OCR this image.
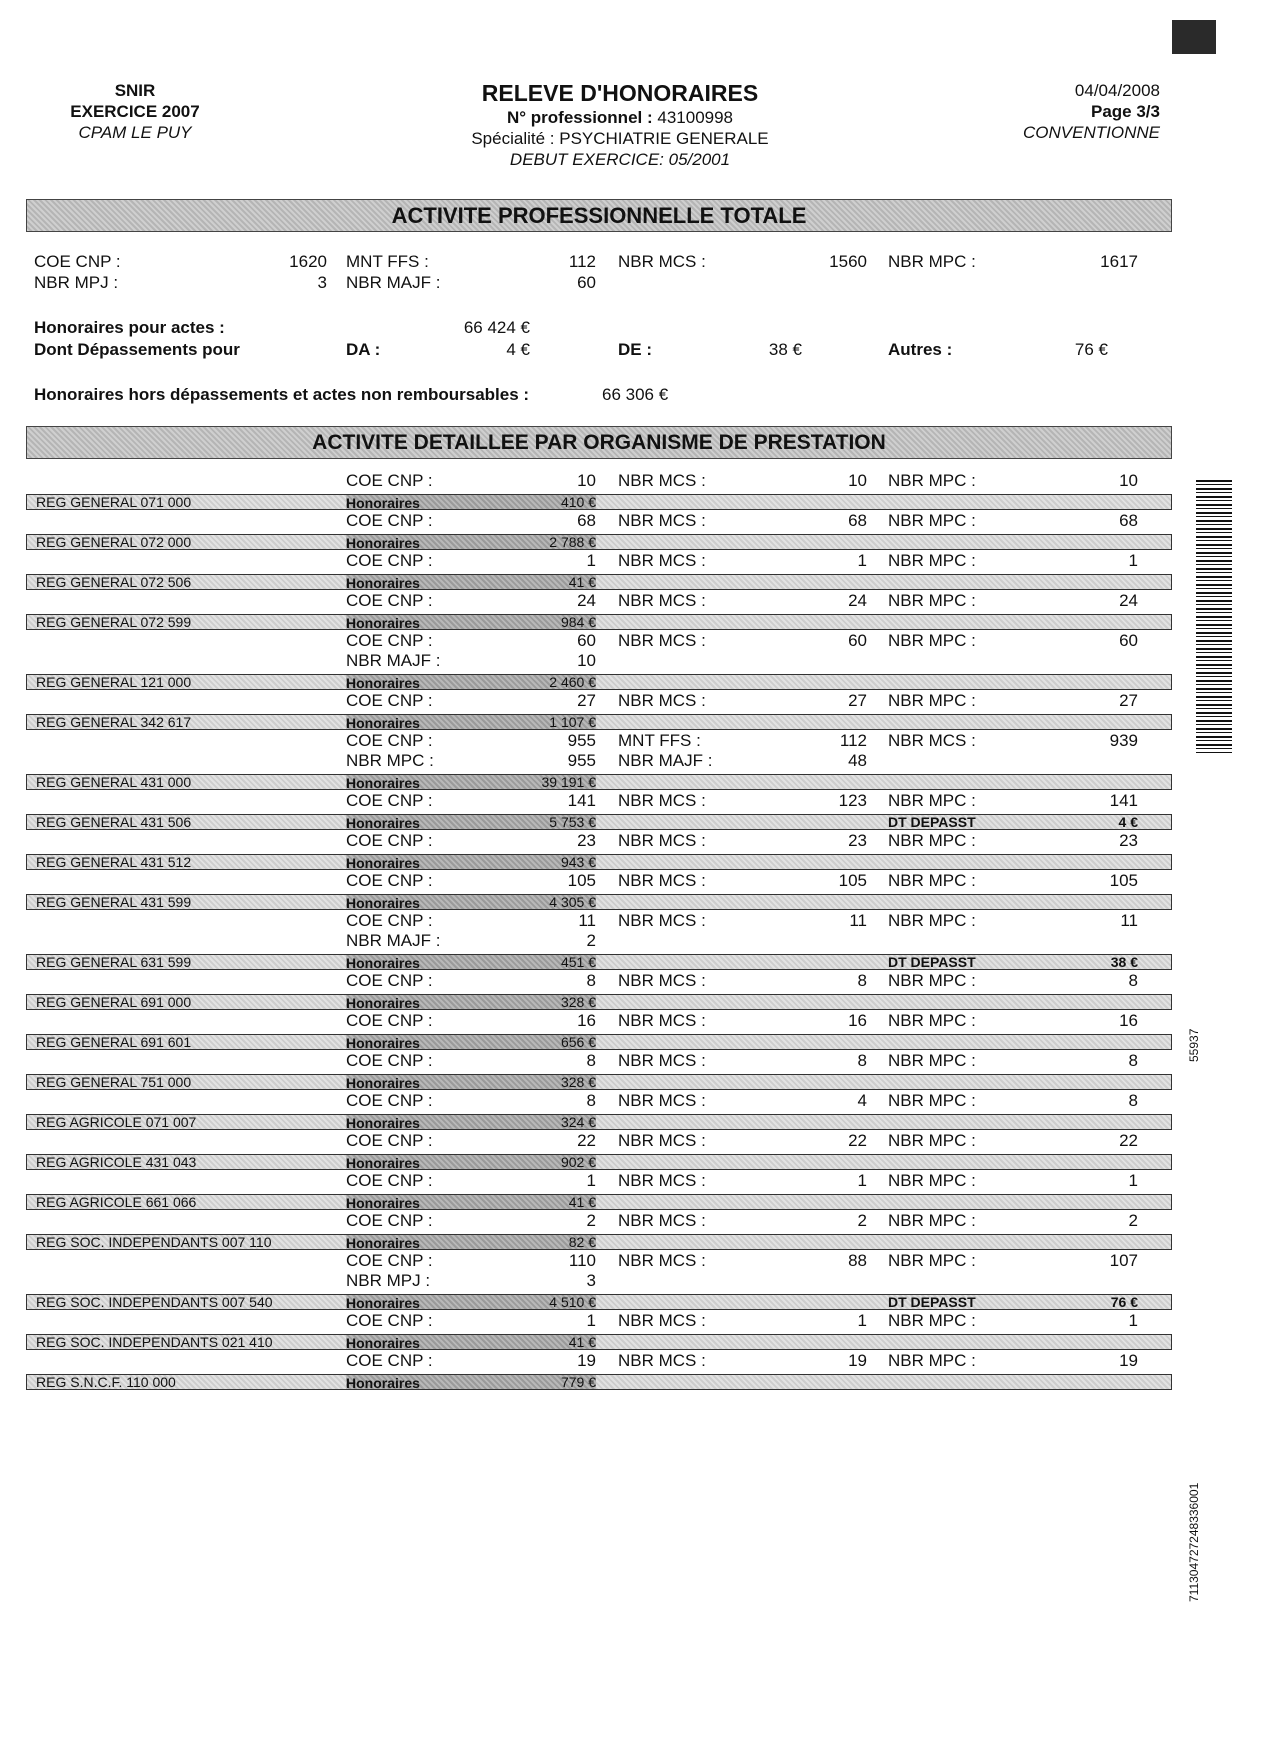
SNIR
EXERCICE 2007
CPAM LE PUY
RELEVE D'HONORAIRES
N° professionnel : 43100998
Spécialité : PSYCHIATRIE GENERALE
DEBUT EXERCICE: 05/2001
04/04/2008
Page 3/3
CONVENTIONNE
ACTIVITE PROFESSIONNELLE TOTALE
COE CNP :	1620 MNT FFS :	112 NBR MCS :	1560 NBR MPC :	1617
NBR MPJ :	3 NBR MAJF :	60
Honoraires pour actes :	66 424 €
Dont Dépassements pour	DA :	4 €	DE :	38 €	Autres :	76 €
Honoraires hors dépassements et actes non remboursables :	66 306 €
ACTIVITE DETAILLEE PAR ORGANISME DE PRESTATION
COE CNP :	10 NBR MCS :	10 NBR MPC :	10
REG GENERAL 071 000	Honoraires	410 €
COE CNP :	68 NBR MCS :	68 NBR MPC :	68
REG GENERAL 072 000	Honoraires	2 788 €
COE CNP :	1 NBR MCS :	1 NBR MPC :	1
REG GENERAL 072 506	Honoraires	41 €
COE CNP :	24 NBR MCS :	24 NBR MPC :	24
REG GENERAL 072 599	Honoraires	984 €
COE CNP :	60 NBR MCS :	60 NBR MPC :	60
NBR MAJF :	10
REG GENERAL 121 000	Honoraires	2 460 €
COE CNP :	27 NBR MCS :	27 NBR MPC :	27
REG GENERAL 342 617	Honoraires	1 107 €
COE CNP :	955 MNT FFS :	112 NBR MCS :	939
NBR MPC :	955 NBR MAJF :	48
REG GENERAL 431 000	Honoraires	39 191 €
COE CNP :	141 NBR MCS :	123 NBR MPC :	141
REG GENERAL 431 506	Honoraires	5 753 €	DT DEPASST	4 €
COE CNP :	23 NBR MCS :	23 NBR MPC :	23
REG GENERAL 431 512	Honoraires	943 €
COE CNP :	105 NBR MCS :	105 NBR MPC :	105
REG GENERAL 431 599	Honoraires	4 305 €
COE CNP :	11 NBR MCS :	11 NBR MPC :	11
NBR MAJF :	2
REG GENERAL 631 599	Honoraires	451 €	DT DEPASST	38 €
COE CNP :	8 NBR MCS :	8 NBR MPC :	8
REG GENERAL 691 000	Honoraires	328 €
COE CNP :	16 NBR MCS :	16 NBR MPC :	16
REG GENERAL 691 601	Honoraires	656 €
COE CNP :	8 NBR MCS :	8 NBR MPC :	8
REG GENERAL 751 000	Honoraires	328 €
COE CNP :	8 NBR MCS :	4 NBR MPC :	8
REG AGRICOLE 071 007	Honoraires	324 €
COE CNP :	22 NBR MCS :	22 NBR MPC :	22
REG AGRICOLE 431 043	Honoraires	902 €
COE CNP :	1 NBR MCS :	1 NBR MPC :	1
REG AGRICOLE 661 066	Honoraires	41 €
COE CNP :	2 NBR MCS :	2 NBR MPC :	2
REG SOC. INDEPENDANTS 007 110	Honoraires	82 €
COE CNP :	110 NBR MCS :	88 NBR MPC :	107
NBR MPJ :	3
REG SOC. INDEPENDANTS 007 540	Honoraires	4 510 €	DT DEPASST	76 €
COE CNP :	1 NBR MCS :	1 NBR MPC :	1
REG SOC. INDEPENDANTS 021 410	Honoraires	41 €
COE CNP :	19 NBR MCS :	19 NBR MPC :	19
REG S.N.C.F. 110 000	Honoraires	779 €
55937
711304727248336001
